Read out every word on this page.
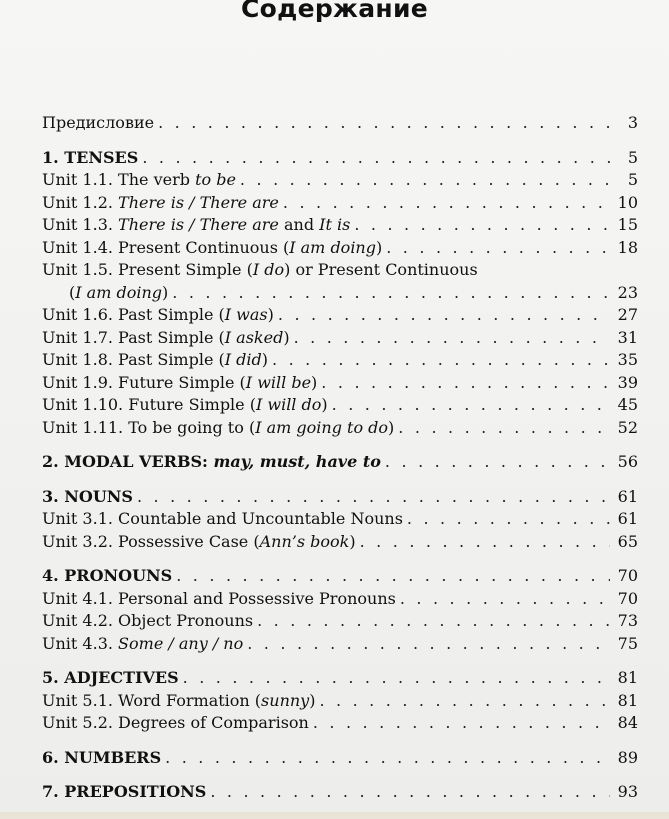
Содержание
Предисловие . . .	3
1. TENSES . . .	5
Unit 1.1. The verb to be . . .	5
Unit 1.2. There is / There are . . .	10
Unit 1.3. There is / There are and It is . . .	15
Unit 1.4. Present Continuous (I am doing) . . .	18
Unit 1.5. Present Simple (I do) or Present Continuous
(I am doing) . . .	23
Unit 1.6. Past Simple (I was) . . .	27
Unit 1.7. Past Simple (I asked) . . .	31
Unit 1.8. Past Simple (I did) . . .	35
Unit 1.9. Future Simple (I will be) . . .	39
Unit 1.10. Future Simple (I will do) . . .	45
Unit 1.11. To be going to (I am going to do) . . .	52
2. MODAL VERBS: may, must, have to . . .	56
3. NOUNS . . .	61
Unit 3.1. Countable and Uncountable Nouns . . .	61
Unit 3.2. Possessive Case (Ann’s book) . . .	65
4. PRONOUNS . . .	70
Unit 4.1. Personal and Possessive Pronouns . . .	70
Unit 4.2. Object Pronouns . . .	73
Unit 4.3. Some / any / no . . .	75
5. ADJECTIVES . . .	81
Unit 5.1. Word Formation (sunny) . . .	81
Unit 5.2. Degrees of Comparison . . .	84
6. NUMBERS . . .	89
7. PREPOSITIONS . . .	93
